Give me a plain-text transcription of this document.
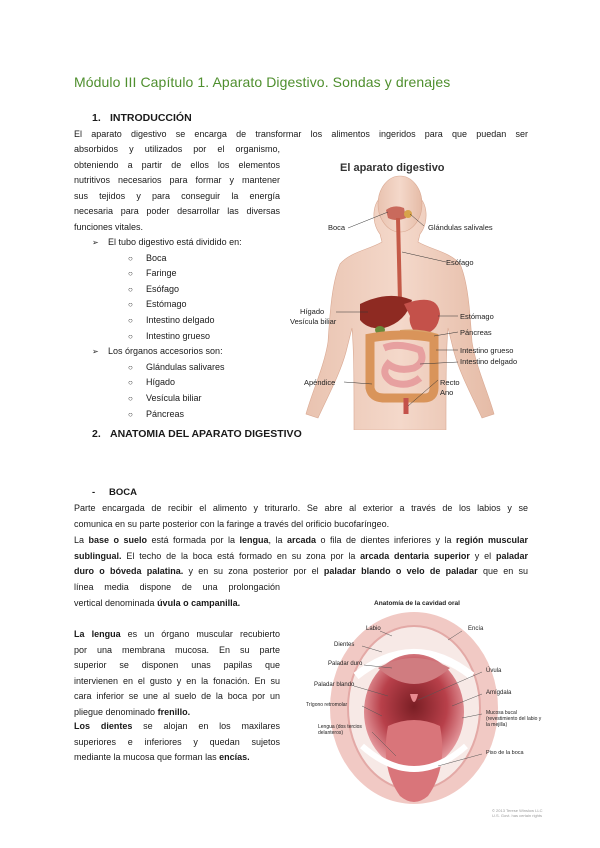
Módulo III Capítulo 1. Aparato Digestivo. Sondas y drenajes
1. INTRODUCCIÓN

El aparato digestivo se encarga de transformar los alimentos ingeridos para que puedan ser

absorbidos y utilizados por el organismo,

obteniendo a partir de ellos los elementos

nutritivos necesarios para formar y mantener

sus tejidos y para conseguir la energía

necesaria para poder desarrollar las diversas

funciones vitales.

➢ El tubo digestivo está dividido en:
○ Boca
○ Faringe
○ Esófago
○ Estómago
○ Intestino delgado
○ Intestino grueso
➢ Los órganos accesorios son:
○ Glándulas salivares
○ Hígado
○ Vesícula biliar
○ Páncreas
El aparato digestivo
Boca	Glándulas salivales
Esófago
Hígado
Vesícula biliar
Estómago
Páncreas
Intestino grueso
Intestino delgado
Apéndice	Recto
Ano
2. ANATOMIA DEL APARATO DIGESTIVO
- BOCA

Parte encargada de recibir el alimento y triturarlo. Se abre al exterior a través de los labios y se

comunica en su parte posterior con la faringe a través del orificio bucofaríngeo.

La base o suelo está formada por la lengua, la arcada o fila de dientes inferiores y la región muscular

sublingual. El techo de la boca está formado en su zona por la arcada dentaria superior y el paladar

duro o bóveda palatina. y en su zona posterior por el paladar blando o velo de paladar que en su

línea media dispone de una prolongación

vertical denominada úvula o campanilla.

La lengua es un órgano muscular recubierto

por una membrana mucosa. En su parte

superior se disponen unas papilas que

intervienen en el gusto y en la fonación. En su

cara inferior se une al suelo de la boca por un

pliegue denominado frenillo.

Los dientes se alojan en los maxilares

superiores e inferiores y quedan sujetos

mediante la mucosa que forman las encías.

Anatomía de la cavidad oral
Labio	Encía
Dientes
Paladar duro
Úvula
Paladar blando
Amígdala
Trígono retromolar
Mucosa bucal (revestimiento del labio y la mejilla)
Lengua (dos tercios delanteros)
Piso de la boca
© 2013 Terese Winslow LLC U.S. Govt. has certain rights
